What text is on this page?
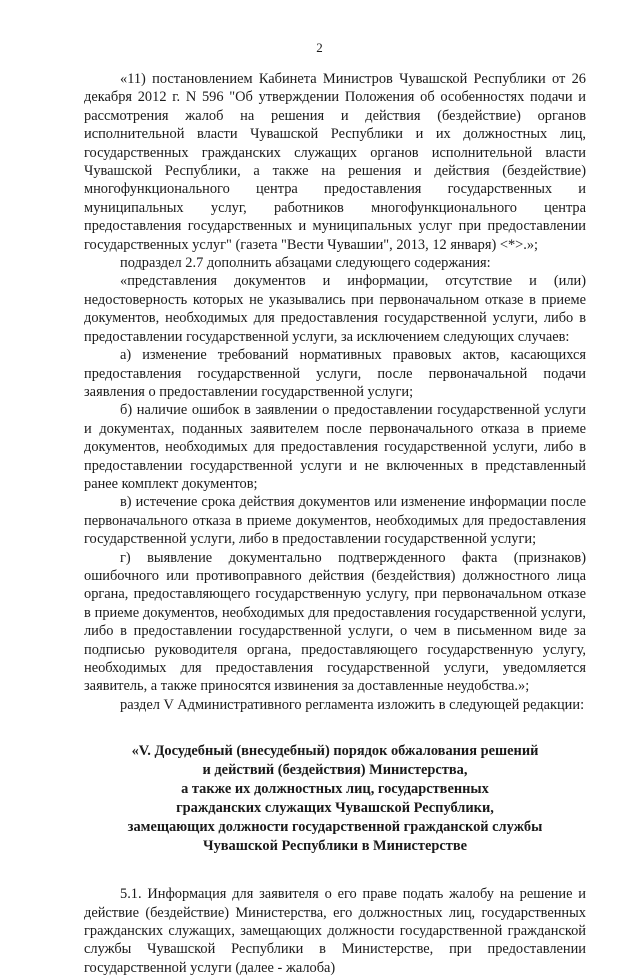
2

«11) постановлением Кабинета Министров Чувашской Республики от 26 декабря 2012 г. N 596 "Об утверждении Положения об особенностях подачи и рассмотрения жалоб на решения и действия (бездействие) органов исполнительной власти Чувашской Республики и их должностных лиц, государственных гражданских служащих органов исполнительной власти Чувашской Республики, а также на решения и действия (бездействие) многофункционального центра предоставления государственных и муниципальных услуг, работников многофункционального центра предоставления государственных и муниципальных услуг при предоставлении государственных услуг" (газета "Вести Чувашии", 2013, 12 января) <*>.»;

подраздел 2.7 дополнить абзацами следующего содержания:

«представления документов и информации, отсутствие и (или) недостоверность которых не указывались при первоначальном отказе в приеме документов, необходимых для предоставления государственной услуги, либо в предоставлении государственной услуги, за исключением следующих случаев:

а) изменение требований нормативных правовых актов, касающихся предоставления государственной услуги, после первоначальной подачи заявления о предоставлении государственной услуги;

б) наличие ошибок в заявлении о предоставлении государственной услуги и документах, поданных заявителем после первоначального отказа в приеме документов, необходимых для предоставления государственной услуги, либо в предоставлении государственной услуги и не включенных в представленный ранее комплект документов;

в) истечение срока действия документов или изменение информации после первоначального отказа в приеме документов, необходимых для предоставления государственной услуги, либо в предоставлении государственной услуги;

г) выявление документально подтвержденного факта (признаков) ошибочного или противоправного действия (бездействия) должностного лица органа, предоставляющего государственную услугу, при первоначальном отказе в приеме документов, необходимых для предоставления государственной услуги, либо в предоставлении государственной услуги, о чем в письменном виде за подписью руководителя органа, предоставляющего государственную услугу, необходимых для предоставления государственной услуги, уведомляется заявитель, а также приносятся извинения за доставленные неудобства.»;

раздел V Административного регламента изложить в следующей редакции:

«V. Досудебный (внесудебный) порядок обжалования решений
и действий (бездействия) Министерства,
а также их должностных лиц, государственных
гражданских служащих Чувашской Республики,
замещающих должности государственной гражданской службы
Чувашской Республики в Министерстве

5.1. Информация для заявителя о его праве подать жалобу на решение и действие (бездействие) Министерства, его должностных лиц, государственных гражданских служащих, замещающих должности государственной гражданской службы Чувашской Республики в Министерстве, при предоставлении государственной услуги (далее - жалоба)
